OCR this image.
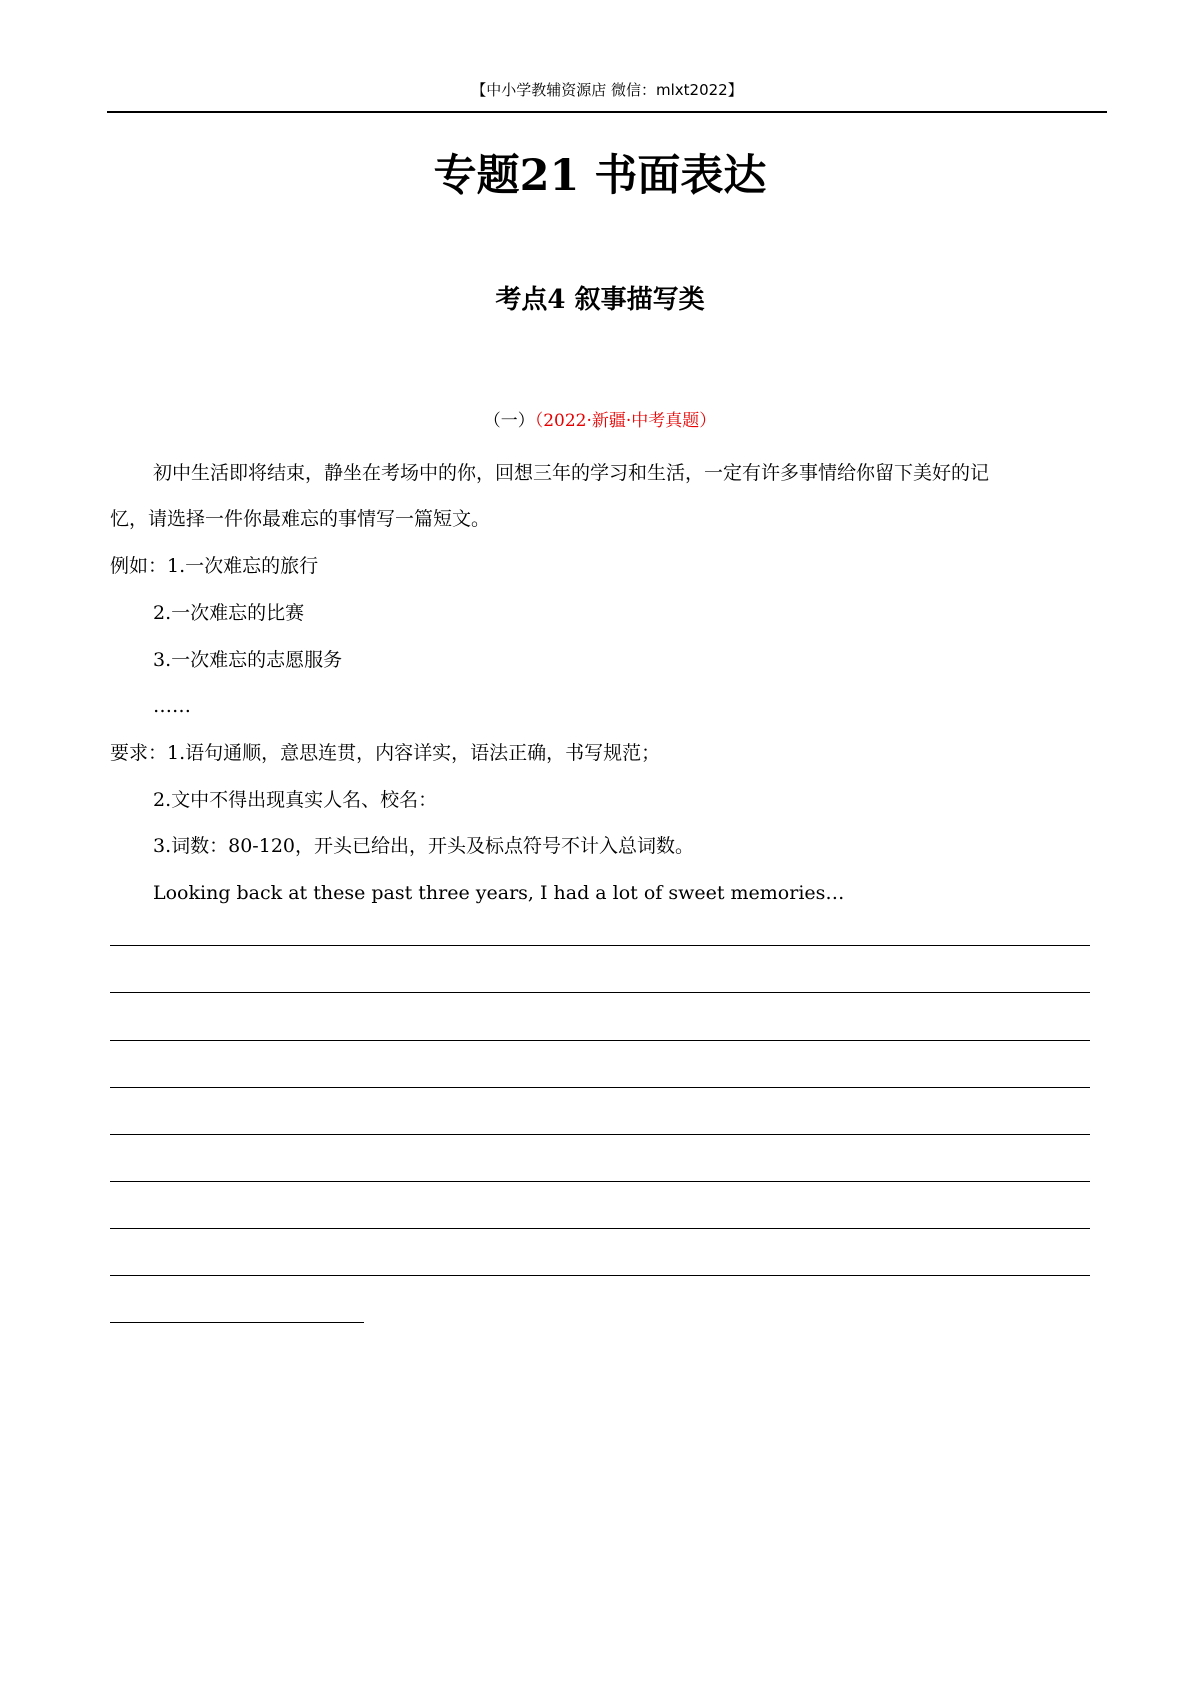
【中小学教辅资源店 微信：mlxt2022】
专题21 书面表达
考点4 叙事描写类
（一）（2022·新疆·中考真题）
初中生活即将结束，静坐在考场中的你，回想三年的学习和生活，一定有许多事情给你留下美好的记
忆，请选择一件你最难忘的事情写一篇短文。
例如：1.一次难忘的旅行
2.一次难忘的比赛
3.一次难忘的志愿服务
……
要求：1.语句通顺，意思连贯，内容详实，语法正确，书写规范；
2.文中不得出现真实人名、校名：
3.词数：80-120，开头已给出，开头及标点符号不计入总词数。
Looking back at these past three years, I had a lot of sweet memories…
